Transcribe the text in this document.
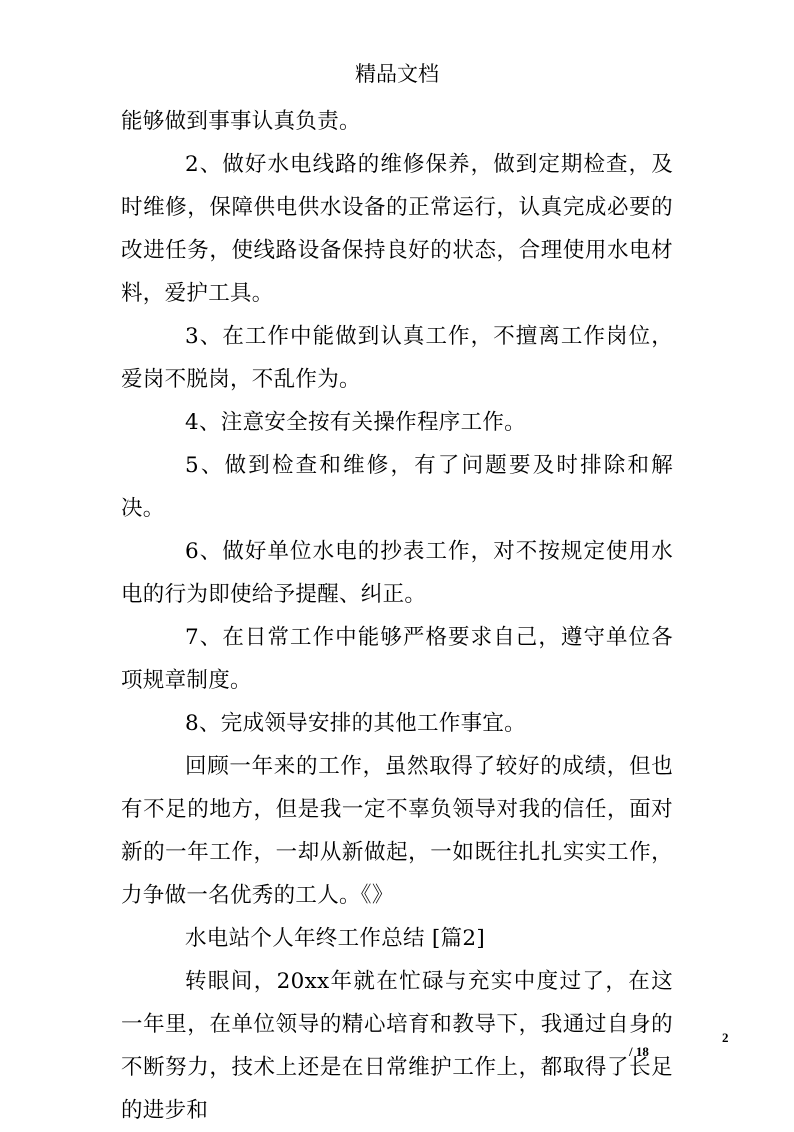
精品文档

能够做到事事认真负责。

2、做好水电线路的维修保养，做到定期检查，及时维修，保障供电供水设备的正常运行，认真完成必要的改进任务，使线路设备保持良好的状态，合理使用水电材料，爱护工具。

3、在工作中能做到认真工作，不擅离工作岗位，爱岗不脱岗，不乱作为。

4、注意安全按有关操作程序工作。

5、做到检查和维修，有了问题要及时排除和解决。

6、做好单位水电的抄表工作，对不按规定使用水电的行为即使给予提醒、纠正。

7、在日常工作中能够严格要求自己，遵守单位各项规章制度。

8、完成领导安排的其他工作事宜。

回顾一年来的工作，虽然取得了较好的成绩，但也有不足的地方，但是我一定不辜负领导对我的信任，面对新的一年工作，一却从新做起，一如既往扎扎实实工作，力争做一名优秀的工人。《》

水电站个人年终工作总结 [篇2]

转眼间，20xx年就在忙碌与充实中度过了，在这一年里，在单位领导的精心培育和教导下，我通过自身的不断努力，技术上还是在日常维护工作上，都取得了长足的进步和

2
/ 18
